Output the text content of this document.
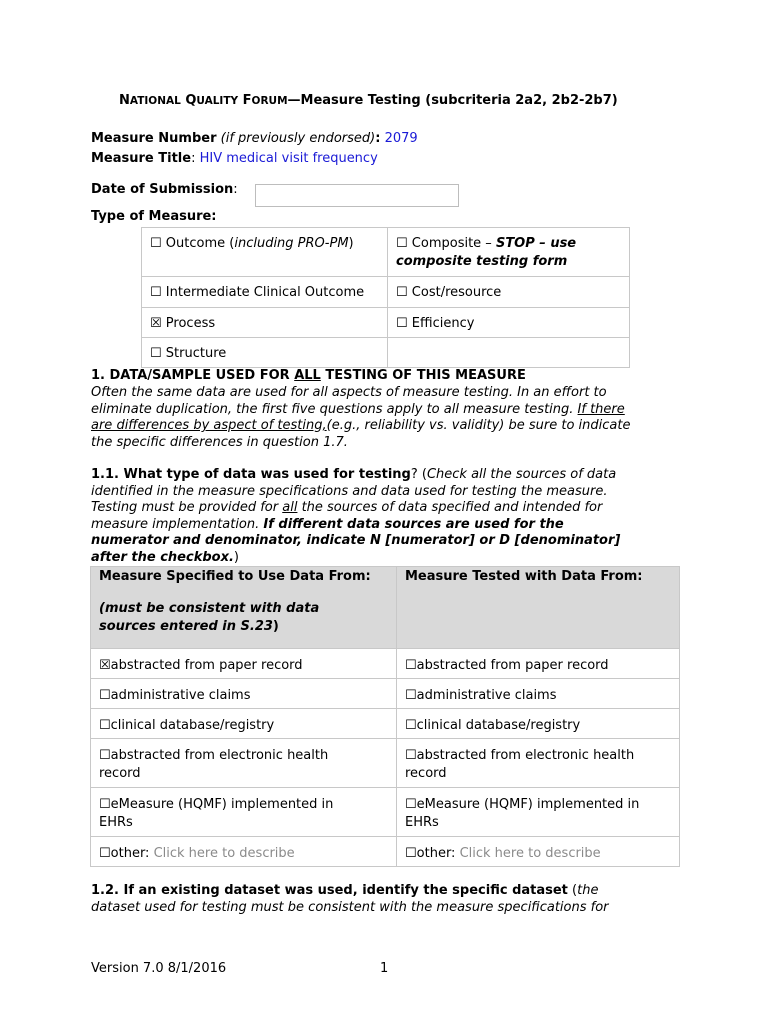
NATIONAL QUALITY FORUM—Measure Testing (subcriteria 2a2, 2b2-2b7)
Measure Number (if previously endorsed): 2079
Measure Title: HIV medical visit frequency
Date of Submission:
Type of Measure:
☐ Outcome (including PRO-PM)	☐ Composite – STOP – use
composite testing form
☐ Intermediate Clinical Outcome	☐ Cost/resource
☒ Process	☐ Efficiency
☐ Structure	
1. DATA/SAMPLE USED FOR ALL TESTING OF THIS MEASURE
Often the same data are used for all aspects of measure testing. In an effort to
eliminate duplication, the first five questions apply to all measure testing. If there
are differences by aspect of testing,(e.g., reliability vs. validity) be sure to indicate
the specific differences in question 1.7.
1.1. What type of data was used for testing? (Check all the sources of data
identified in the measure specifications and data used for testing the measure.
Testing must be provided for all the sources of data specified and intended for
measure implementation. If different data sources are used for the
numerator and denominator, indicate N [numerator] or D [denominator]
after the checkbox.)
Measure Specified to Use Data From:
(must be consistent with data
sources entered in S.23)	Measure Tested with Data From:

☒abstracted from paper record	☐abstracted from paper record
☐administrative claims	☐administrative claims
☐clinical database/registry	☐clinical database/registry
☐abstracted from electronic health
record	☐abstracted from electronic health
record
☐eMeasure (HQMF) implemented in
EHRs	☐eMeasure (HQMF) implemented in
EHRs
☐other: Click here to describe	☐other: Click here to describe
1.2. If an existing dataset was used, identify the specific dataset (the
dataset used for testing must be consistent with the measure specifications for
Version 7.0 8/1/2016	1
